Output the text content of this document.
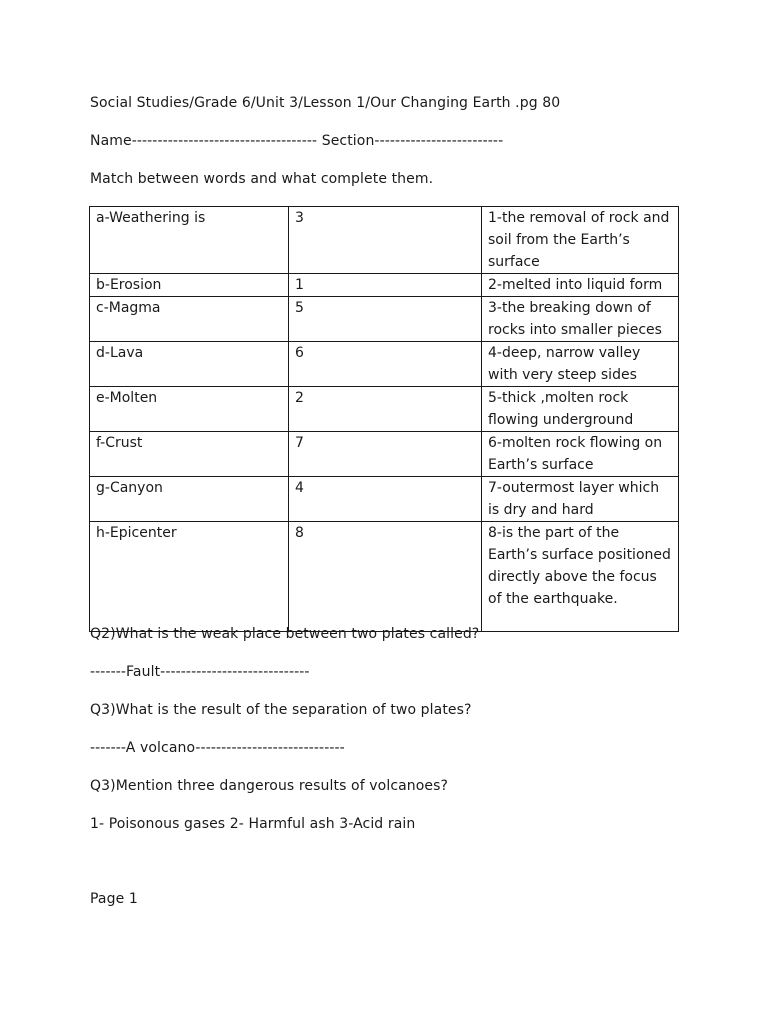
Social Studies/Grade 6/Unit 3/Lesson 1/Our Changing Earth .pg 80
Name------------------------------------ Section-------------------------
Match between words and what complete them.
a-Weathering is	3	1-the removal of rock and soil from the Earth’s surface
b-Erosion	1	2-melted into liquid form
c-Magma	5	3-the breaking down of rocks into smaller pieces
d-Lava	6	4-deep, narrow valley with very steep sides
e-Molten	2	5-thick ,molten rock flowing underground
f-Crust	7	6-molten rock flowing on Earth’s surface
g-Canyon	4	7-outermost layer which is dry and hard
h-Epicenter	8	8-is the part of the Earth’s surface positioned directly above the focus of the earthquake.
Q2)What is the weak place between two plates called?
-------Fault-----------------------------
Q3)What is the result of the separation of two plates?
-------A volcano-----------------------------
Q3)Mention three dangerous results of volcanoes?
1- Poisonous gases 2- Harmful ash 3-Acid rain
Page 1
